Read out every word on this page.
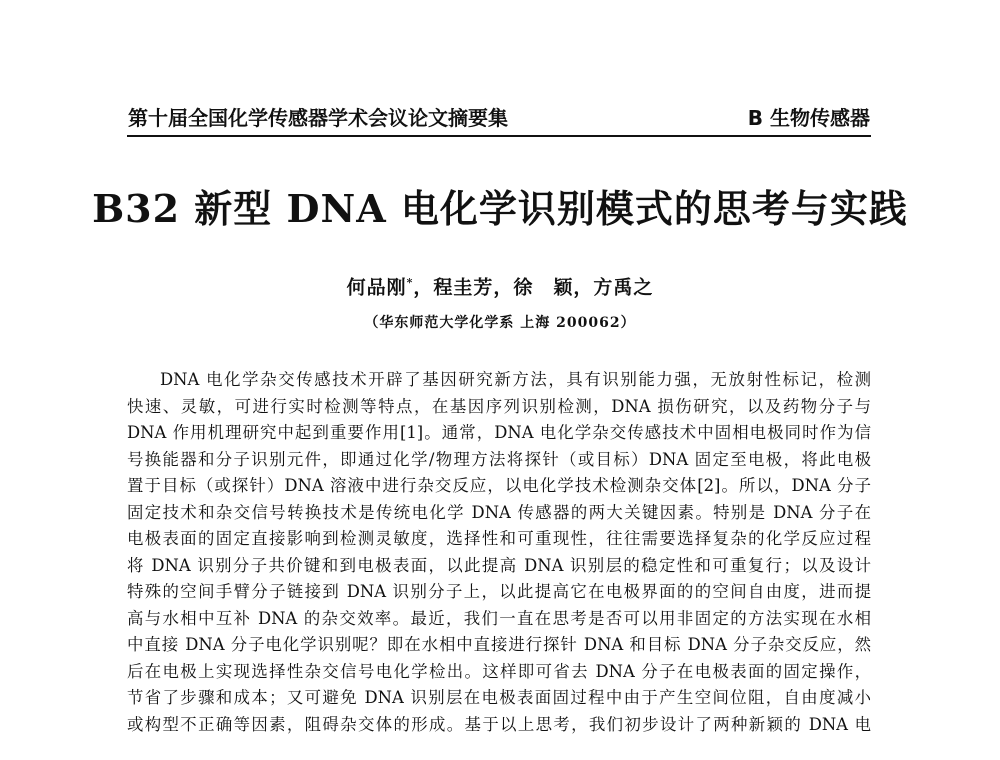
第十届全国化学传感器学术会议论文摘要集	B 生物传感器
B32 新型 DNA 电化学识别模式的思考与实践
何品刚*，程圭芳，徐　颖，方禹之
（华东师范大学化学系 上海 200062）
DNA 电化学杂交传感技术开辟了基因研究新方法，具有识别能力强，无放射性标记，检测
快速、灵敏，可进行实时检测等特点，在基因序列识别检测，DNA 损伤研究，以及药物分子与
DNA 作用机理研究中起到重要作用[1]。通常，DNA 电化学杂交传感技术中固相电极同时作为信
号换能器和分子识别元件，即通过化学/物理方法将探针（或目标）DNA 固定至电极，将此电极
置于目标（或探针）DNA 溶液中进行杂交反应，以电化学技术检测杂交体[2]。所以，DNA 分子
固定技术和杂交信号转换技术是传统电化学 DNA 传感器的两大关键因素。特别是 DNA 分子在
电极表面的固定直接影响到检测灵敏度，选择性和可重现性，往往需要选择复杂的化学反应过程
将 DNA 识别分子共价键和到电极表面，以此提高 DNA 识别层的稳定性和可重复行；以及设计
特殊的空间手臂分子链接到 DNA 识别分子上，以此提高它在电极界面的的空间自由度，进而提
高与水相中互补 DNA 的杂交效率。最近，我们一直在思考是否可以用非固定的方法实现在水相
中直接 DNA 分子电化学识别呢？即在水相中直接进行探针 DNA 和目标 DNA 分子杂交反应，然
后在电极上实现选择性杂交信号电化学检出。这样即可省去 DNA 分子在电极表面的固定操作，
节省了步骤和成本；又可避免 DNA 识别层在电极表面固过程中由于产生空间位阻，自由度减小
或构型不正确等因素，阻碍杂交体的形成。基于以上思考，我们初步设计了两种新颖的 DNA 电
